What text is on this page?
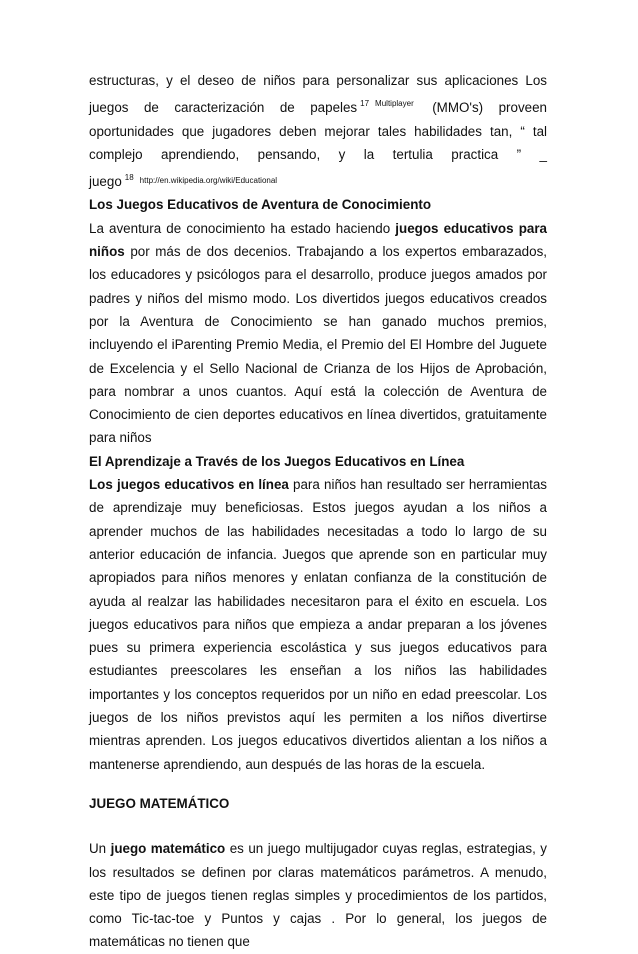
estructuras, y el deseo de niños para personalizar sus aplicaciones Los juegos de caracterización de papeles $^{17}$ $^{Multiplayer}$ (MMO's) proveen oportunidades que jugadores deben mejorar tales habilidades tan, “ tal complejo aprendiendo, pensando, y la tertulia practica ” _ juego $^{18}$ $^{http://en.wikipedia.org/wiki/Educational}$

Los Juegos Educativos de Aventura de Conocimiento

La aventura de conocimiento ha estado haciendo juegos educativos para niños por más de dos decenios. Trabajando a los expertos embarazados, los educadores y psicólogos para el desarrollo, produce juegos amados por padres y niños del mismo modo. Los divertidos juegos educativos creados por la Aventura de Conocimiento se han ganado muchos premios, incluyendo el iParenting Premio Media, el Premio del El Hombre del Juguete de Excelencia y el Sello Nacional de Crianza de los Hijos de Aprobación, para nombrar a unos cuantos. Aquí está la colección de Aventura de Conocimiento de cien deportes educativos en línea divertidos, gratuitamente para niños

El Aprendizaje a Través de los Juegos Educativos en Línea

Los juegos educativos en línea para niños han resultado ser herramientas de aprendizaje muy beneficiosas. Estos juegos ayudan a los niños a aprender muchos de las habilidades necesitadas a todo lo largo de su anterior educación de infancia. Juegos que aprende son en particular muy apropiados para niños menores y enlatan confianza de la constitución de ayuda al realzar las habilidades necesitaron para el éxito en escuela. Los juegos educativos para niños que empieza a andar preparan a los jóvenes pues su primera experiencia escolástica y sus juegos educativos para estudiantes preescolares les enseñan a los niños las habilidades importantes y los conceptos requeridos por un niño en edad preescolar. Los juegos de los niños previstos aquí les permiten a los niños divertirse mientras aprenden. Los juegos educativos divertidos alientan a los niños a mantenerse aprendiendo, aun después de las horas de la escuela.

JUEGO MATEMÁTICO

Un juego matemático es un juego multijugador cuyas reglas, estrategias, y los resultados se definen por claras matemáticos parámetros. A menudo, este tipo de juegos tienen reglas simples y procedimientos de los partidos, como Tic-tac-toe y Puntos y cajas . Por lo general, los juegos de matemáticas no tienen que
